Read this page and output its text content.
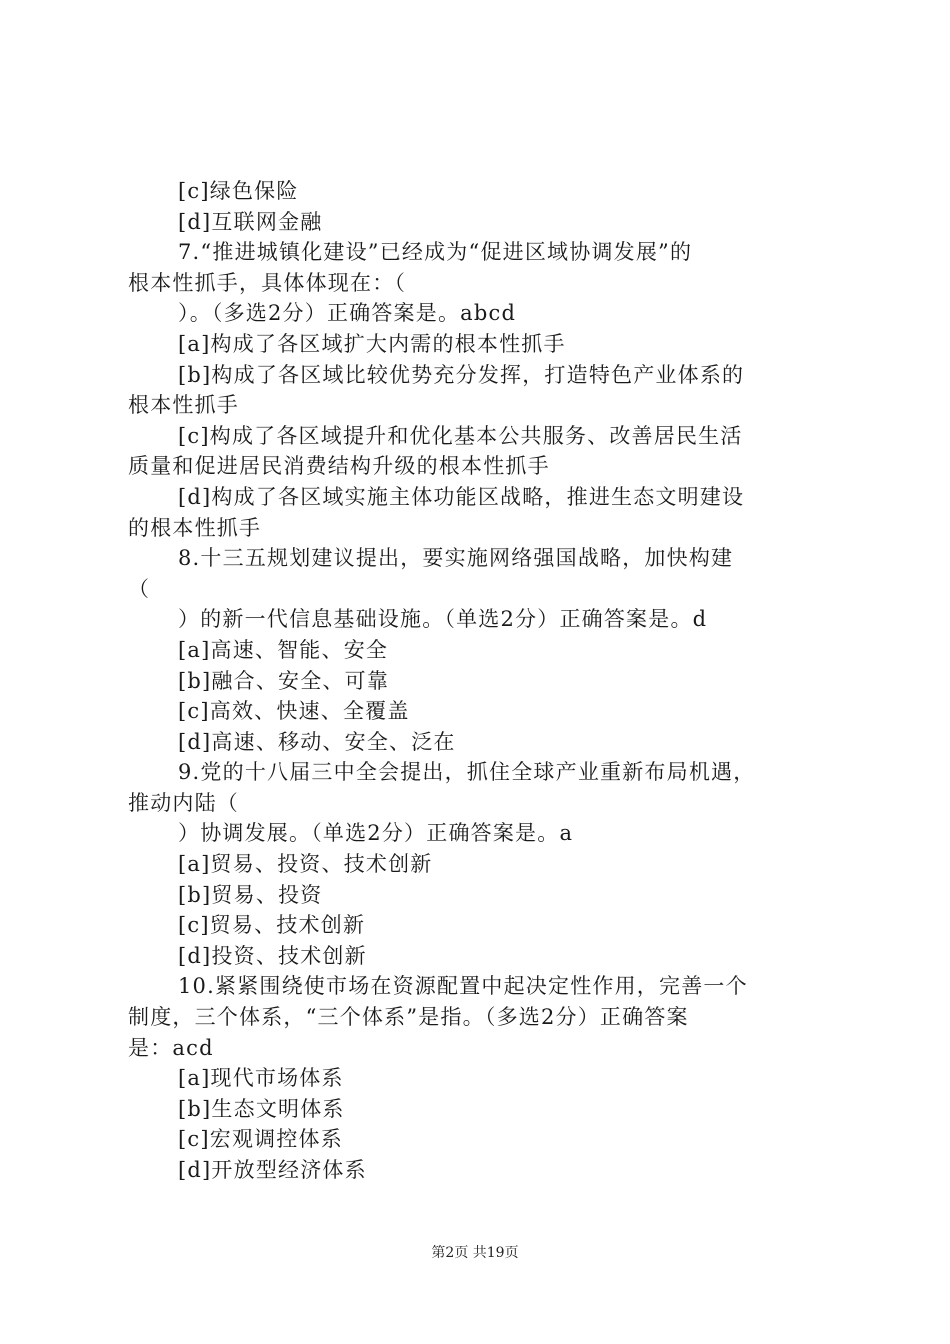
[c]绿色保险
[d]互联网金融
7.“推进城镇化建设”已经成为“促进区域协调发展”的
根本性抓手，具体体现在：（
）。（多选2分）正确答案是。abcd
[a]构成了各区域扩大内需的根本性抓手
[b]构成了各区域比较优势充分发挥，打造特色产业体系的
根本性抓手
[c]构成了各区域提升和优化基本公共服务、改善居民生活
质量和促进居民消费结构升级的根本性抓手
[d]构成了各区域实施主体功能区战略，推进生态文明建设
的根本性抓手
8.十三五规划建议提出，要实施网络强国战略，加快构建
（
）的新一代信息基础设施。（单选2分）正确答案是。d
[a]高速、智能、安全
[b]融合、安全、可靠
[c]高效、快速、全覆盖
[d]高速、移动、安全、泛在
9.党的十八届三中全会提出，抓住全球产业重新布局机遇，
推动内陆（
）协调发展。（单选2分）正确答案是。a
[a]贸易、投资、技术创新
[b]贸易、投资
[c]贸易、技术创新
[d]投资、技术创新
10.紧紧围绕使市场在资源配置中起决定性作用，完善一个
制度，三个体系，“三个体系”是指。（多选2分）正确答案
是：acd
[a]现代市场体系
[b]生态文明体系
[c]宏观调控体系
[d]开放型经济体系
第2页 共19页
